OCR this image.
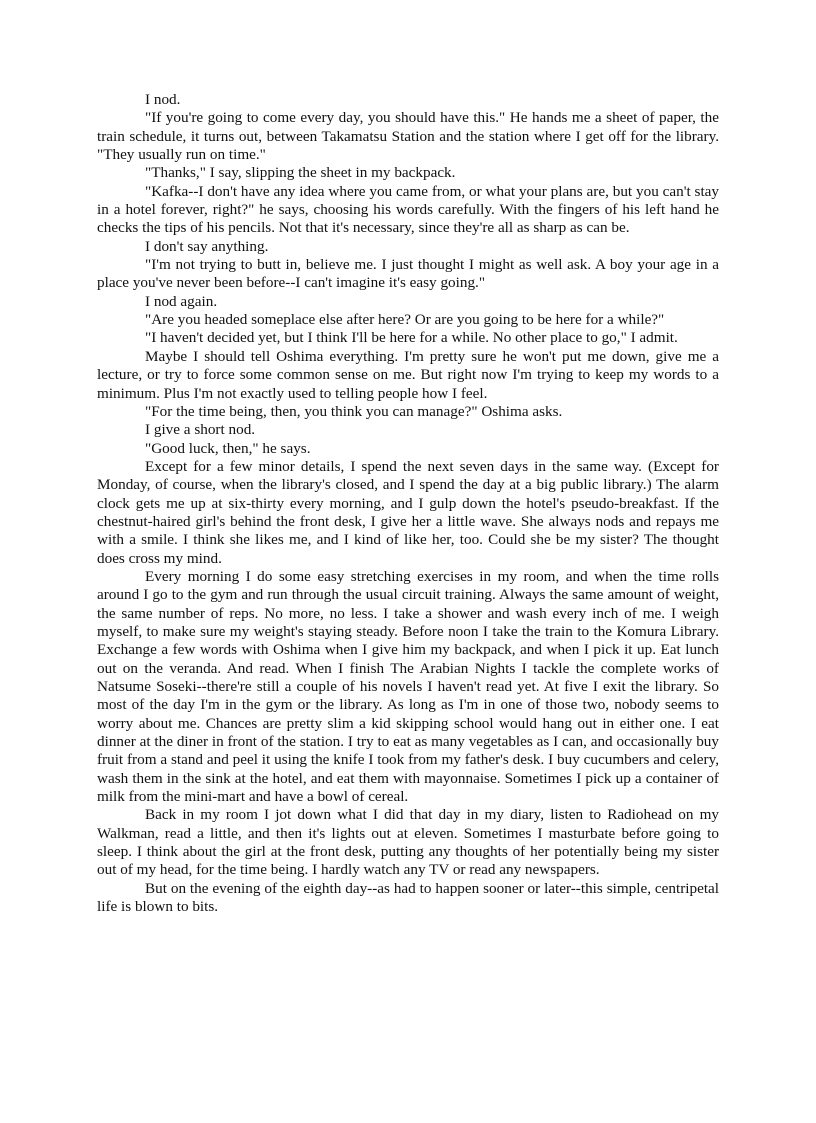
I nod.

"If you're going to come every day, you should have this." He hands me a sheet of paper, the train schedule, it turns out, between Takamatsu Station and the station where I get off for the library. "They usually run on time."

"Thanks," I say, slipping the sheet in my backpack.

"Kafka--I don't have any idea where you came from, or what your plans are, but you can't stay in a hotel forever, right?" he says, choosing his words carefully. With the fingers of his left hand he checks the tips of his pencils. Not that it's necessary, since they're all as sharp as can be.

I don't say anything.

"I'm not trying to butt in, believe me. I just thought I might as well ask. A boy your age in a place you've never been before--I can't imagine it's easy going."

I nod again.

"Are you headed someplace else after here? Or are you going to be here for a while?"

"I haven't decided yet, but I think I'll be here for a while. No other place to go," I admit.

Maybe I should tell Oshima everything. I'm pretty sure he won't put me down, give me a lecture, or try to force some common sense on me. But right now I'm trying to keep my words to a minimum. Plus I'm not exactly used to telling people how I feel.

"For the time being, then, you think you can manage?" Oshima asks.

I give a short nod.

"Good luck, then," he says.

Except for a few minor details, I spend the next seven days in the same way. (Except for Monday, of course, when the library's closed, and I spend the day at a big public library.) The alarm clock gets me up at six-thirty every morning, and I gulp down the hotel's pseudo-breakfast. If the chestnut-haired girl's behind the front desk, I give her a little wave. She always nods and repays me with a smile. I think she likes me, and I kind of like her, too. Could she be my sister? The thought does cross my mind.

Every morning I do some easy stretching exercises in my room, and when the time rolls around I go to the gym and run through the usual circuit training. Always the same amount of weight, the same number of reps. No more, no less. I take a shower and wash every inch of me. I weigh myself, to make sure my weight's staying steady. Before noon I take the train to the Komura Library. Exchange a few words with Oshima when I give him my backpack, and when I pick it up. Eat lunch out on the veranda. And read. When I finish The Arabian Nights I tackle the complete works of Natsume Soseki--there're still a couple of his novels I haven't read yet. At five I exit the library. So most of the day I'm in the gym or the library. As long as I'm in one of those two, nobody seems to worry about me. Chances are pretty slim a kid skipping school would hang out in either one. I eat dinner at the diner in front of the station. I try to eat as many vegetables as I can, and occasionally buy fruit from a stand and peel it using the knife I took from my father's desk. I buy cucumbers and celery, wash them in the sink at the hotel, and eat them with mayonnaise. Sometimes I pick up a container of milk from the mini-mart and have a bowl of cereal.

Back in my room I jot down what I did that day in my diary, listen to Radiohead on my Walkman, read a little, and then it's lights out at eleven. Sometimes I masturbate before going to sleep. I think about the girl at the front desk, putting any thoughts of her potentially being my sister out of my head, for the time being. I hardly watch any TV or read any newspapers.

But on the evening of the eighth day--as had to happen sooner or later--this simple, centripetal life is blown to bits.
